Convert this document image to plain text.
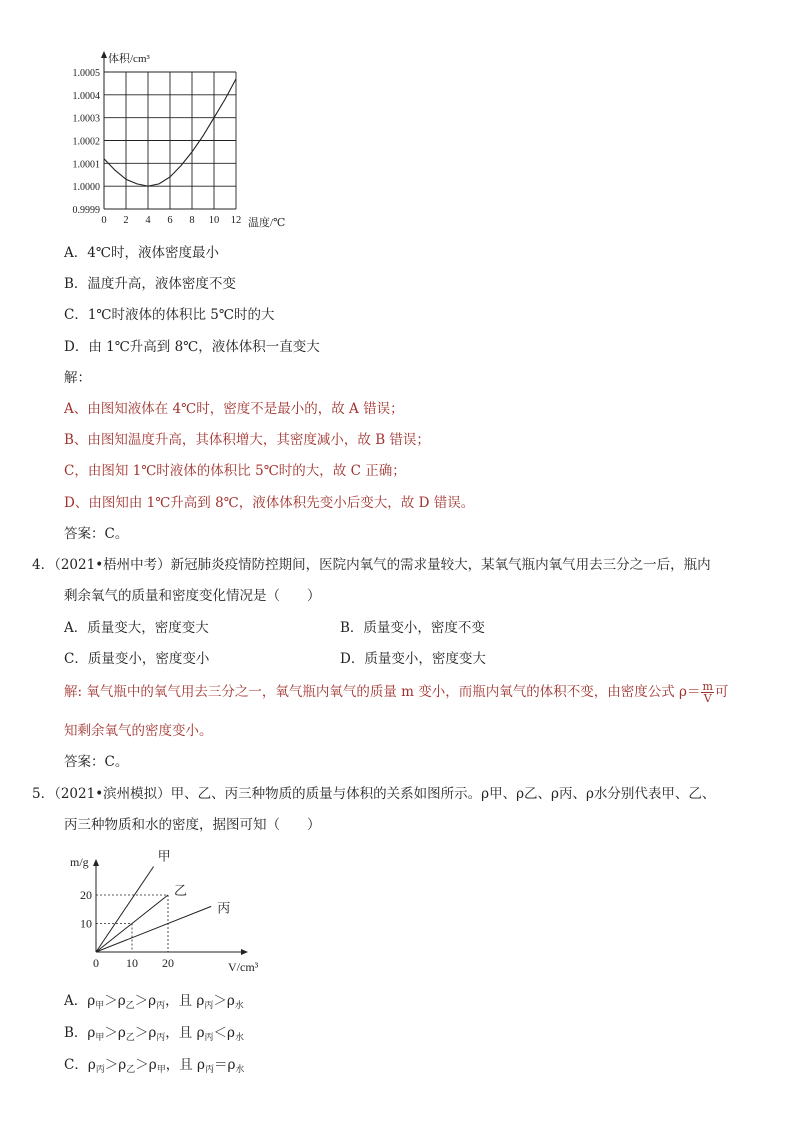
体积/cm³
温度/℃
1.0005
1.0004
1.0003
1.0002
1.0001
1.0000
0.9999
0 2 4 6 8 10 12
A．4℃时，液体密度最小
B．温度升高，液体密度不变
C．1℃时液体的体积比 5℃时的大
D．由 1℃升高到 8℃，液体体积一直变大
解：
A、由图知液体在 4℃时，密度不是最小的，故 A 错误；
B、由图知温度升高，其体积增大，其密度减小，故 B 错误；
C，由图知 1℃时液体的体积比 5℃时的大，故 C 正确；
D、由图知由 1℃升高到 8℃，液体体积先变小后变大，故 D 错误。
答案：C。
4．（2021•梧州中考）新冠肺炎疫情防控期间，医院内氧气的需求量较大，某氧气瓶内氧气用去三分之一后，瓶内
剩余氧气的质量和密度变化情况是（　　）
A．质量变大，密度变大	B．质量变小，密度不变
C．质量变小，密度变小	D．质量变小，密度变大
解: 氧气瓶中的氧气用去三分之一，氧气瓶内氧气的质量 m 变小，而瓶内氧气的体积不变，由密度公式 $\rho= \frac{m}{V}$ 可
知剩余氧气的密度变小。
答案：C。
5．（2021•滨州模拟）甲、乙、丙三种物质的质量与体积的关系如图所示。ρ甲、ρ乙、ρ丙、ρ水分别代表甲、乙、
丙三种物质和水的密度，据图可知（　　）
10 20
20
10
甲
乙
丙
m/g
V/cm³
0
A．$\rho_甲>\rho_乙>\rho_丙$，且 $\rho_丙>\rho_水$
B．$\rho_甲>\rho_乙>\rho_丙$，且 $\rho_丙<\rho_水$
C．$\rho_丙>\rho_乙>\rho_甲$，且 $\rho_丙=\rho_水$
